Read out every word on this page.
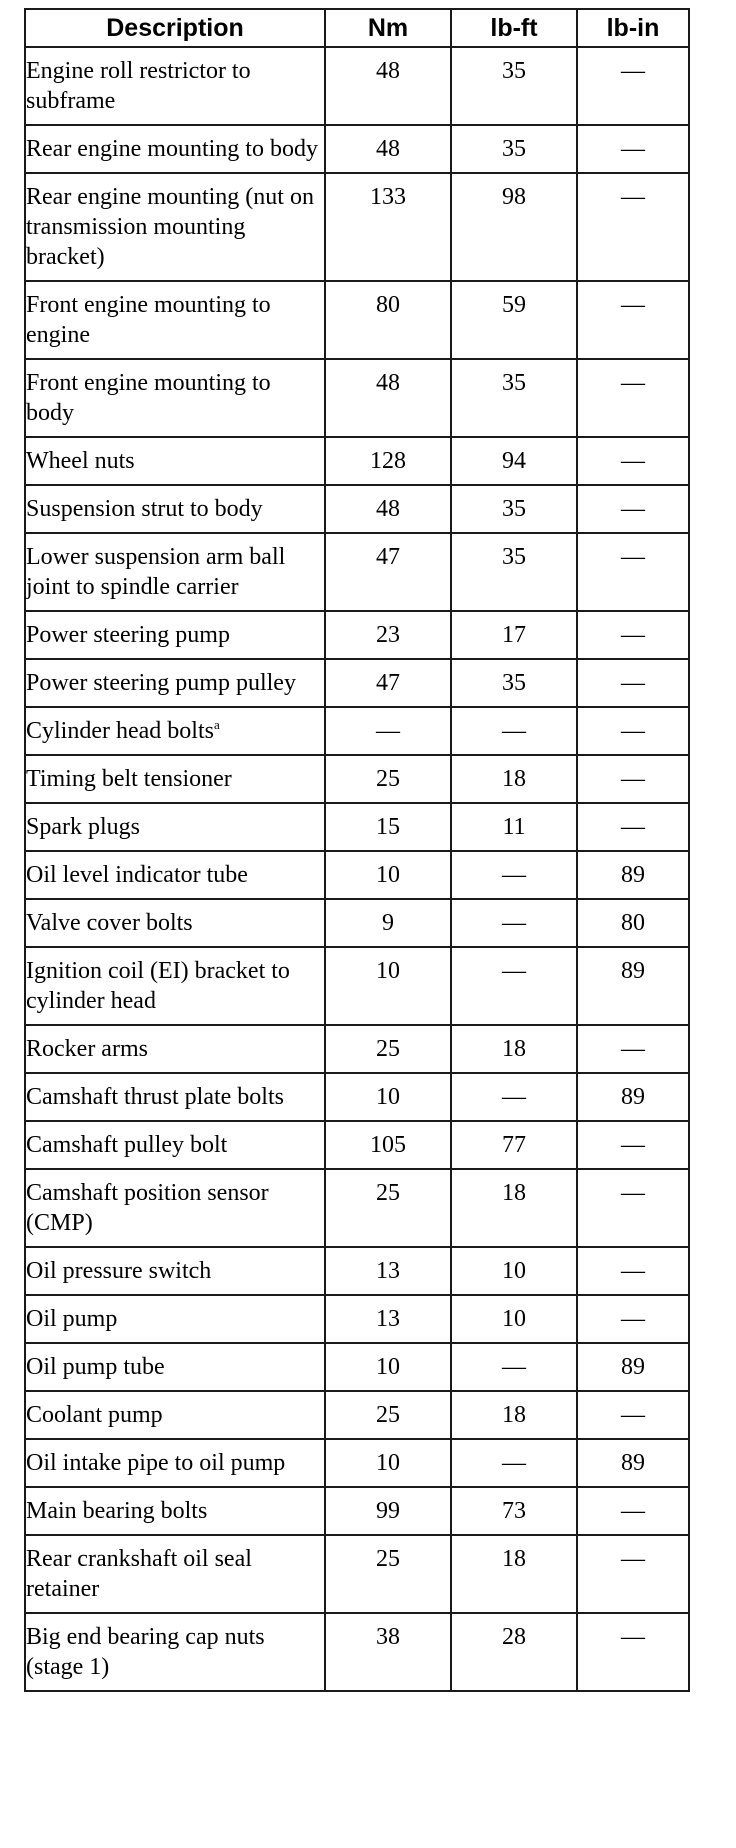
Description	Nm	lb-ft	lb-in
Engine roll restrictor to subframe	48	35	—
Rear engine mounting to body	48	35	—
Rear engine mounting (nut on transmission mounting bracket)	133	98	—
Front engine mounting to engine	80	59	—
Front engine mounting to body	48	35	—
Wheel nuts	128	94	—
Suspension strut to body	48	35	—
Lower suspension arm ball joint to spindle carrier	47	35	—
Power steering pump	23	17	—
Power steering pump pulley	47	35	—
Cylinder head bolts$^a$	—	—	—
Timing belt tensioner	25	18	—
Spark plugs	15	11	—
Oil level indicator tube	10	—	89
Valve cover bolts	9	—	80
Ignition coil (EI) bracket to cylinder head	10	—	89
Rocker arms	25	18	—
Camshaft thrust plate bolts	10	—	89
Camshaft pulley bolt	105	77	—
Camshaft position sensor (CMP)	25	18	—
Oil pressure switch	13	10	—
Oil pump	13	10	—
Oil pump tube	10	—	89
Coolant pump	25	18	—
Oil intake pipe to oil pump	10	—	89
Main bearing bolts	99	73	—
Rear crankshaft oil seal retainer	25	18	—
Big end bearing cap nuts (stage 1)	38	28	—
